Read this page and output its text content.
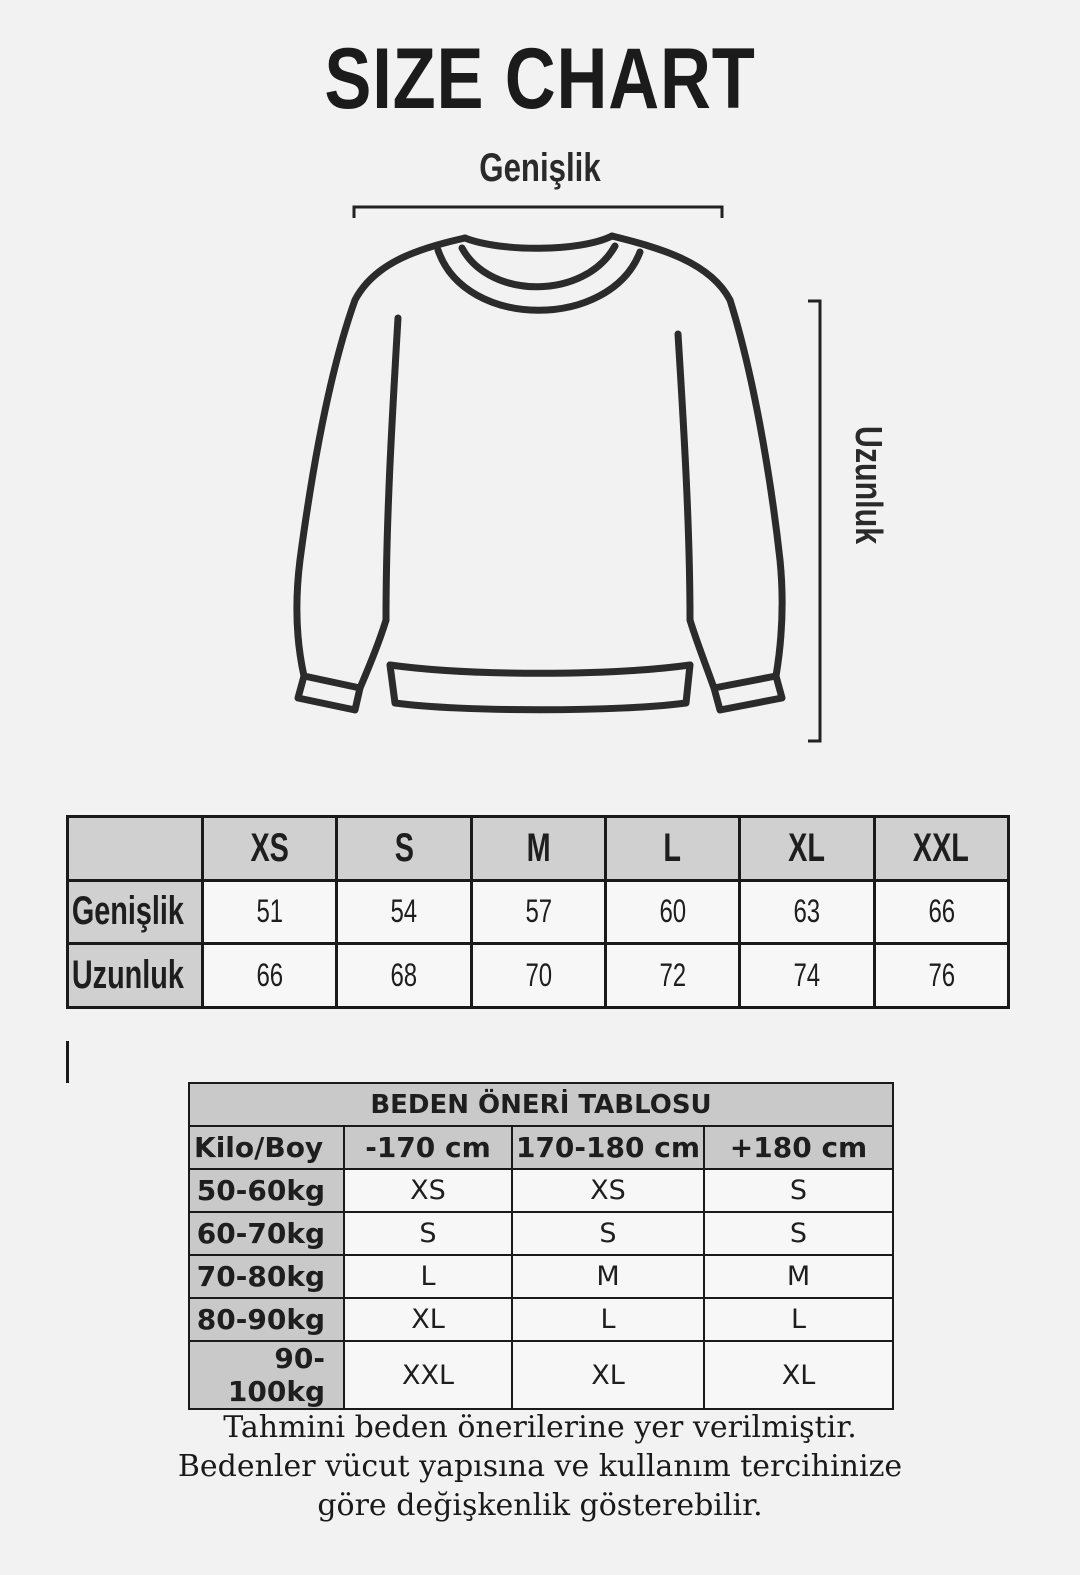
SIZE CHART
Genişlik
Uzunluk
	XS	S	M	L	XL	XXL
Genişlik	51	54	57	60	63	66
Uzunluk	66	68	70	72	74	76
BEDEN ÖNERİ TABLOSU			
Kilo/Boy	-170 cm	170-180 cm	+180 cm
50-60kg	XS	XS	S
60-70kg	S	S	S
70-80kg	L	M	M
80-90kg	XL	L	L
90-100kg	XXL	XL	XL
Tahmini beden önerilerine yer verilmiştir.
Bedenler vücut yapısına ve kullanım tercihinize
göre değişkenlik gösterebilir.
